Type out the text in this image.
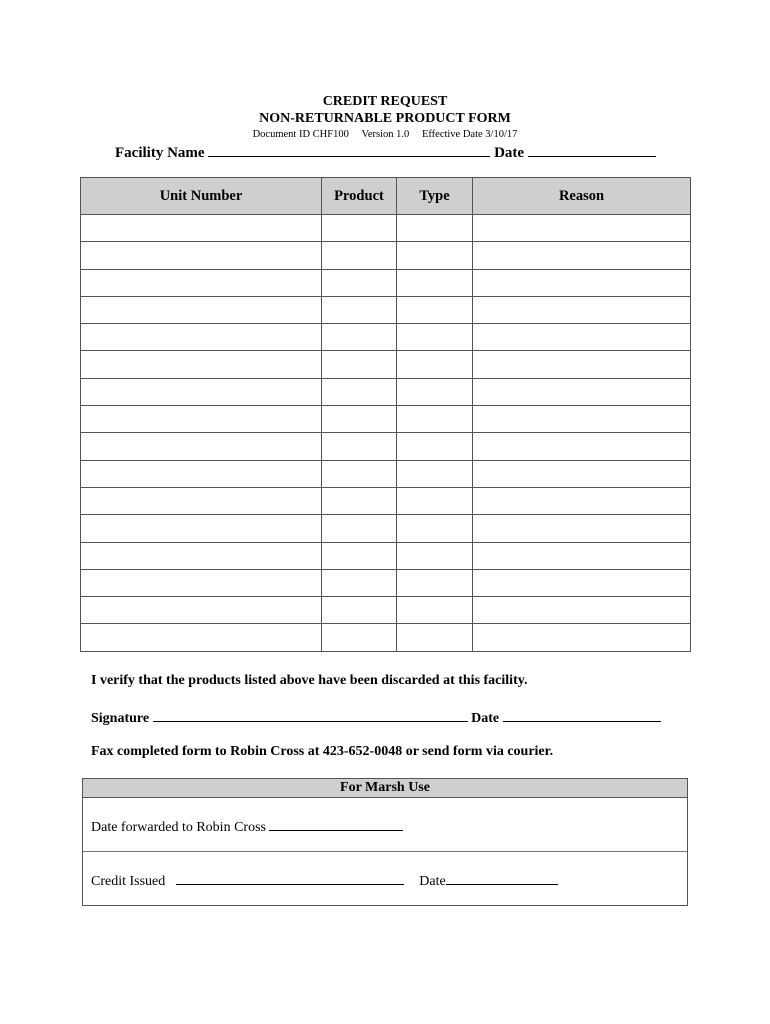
CREDIT REQUEST
NON-RETURNABLE PRODUCT FORM
Document ID CHF100 Version 1.0 Effective Date 3/10/17
Facility Name	Date
Unit Number	Product	Type	Reason

I verify that the products listed above have been discarded at this facility.
Signature	Date
Fax completed form to Robin Cross at 423-652-0048 or send form via courier.
For Marsh Use
Date forwarded to Robin Cross
Credit Issued	Date
